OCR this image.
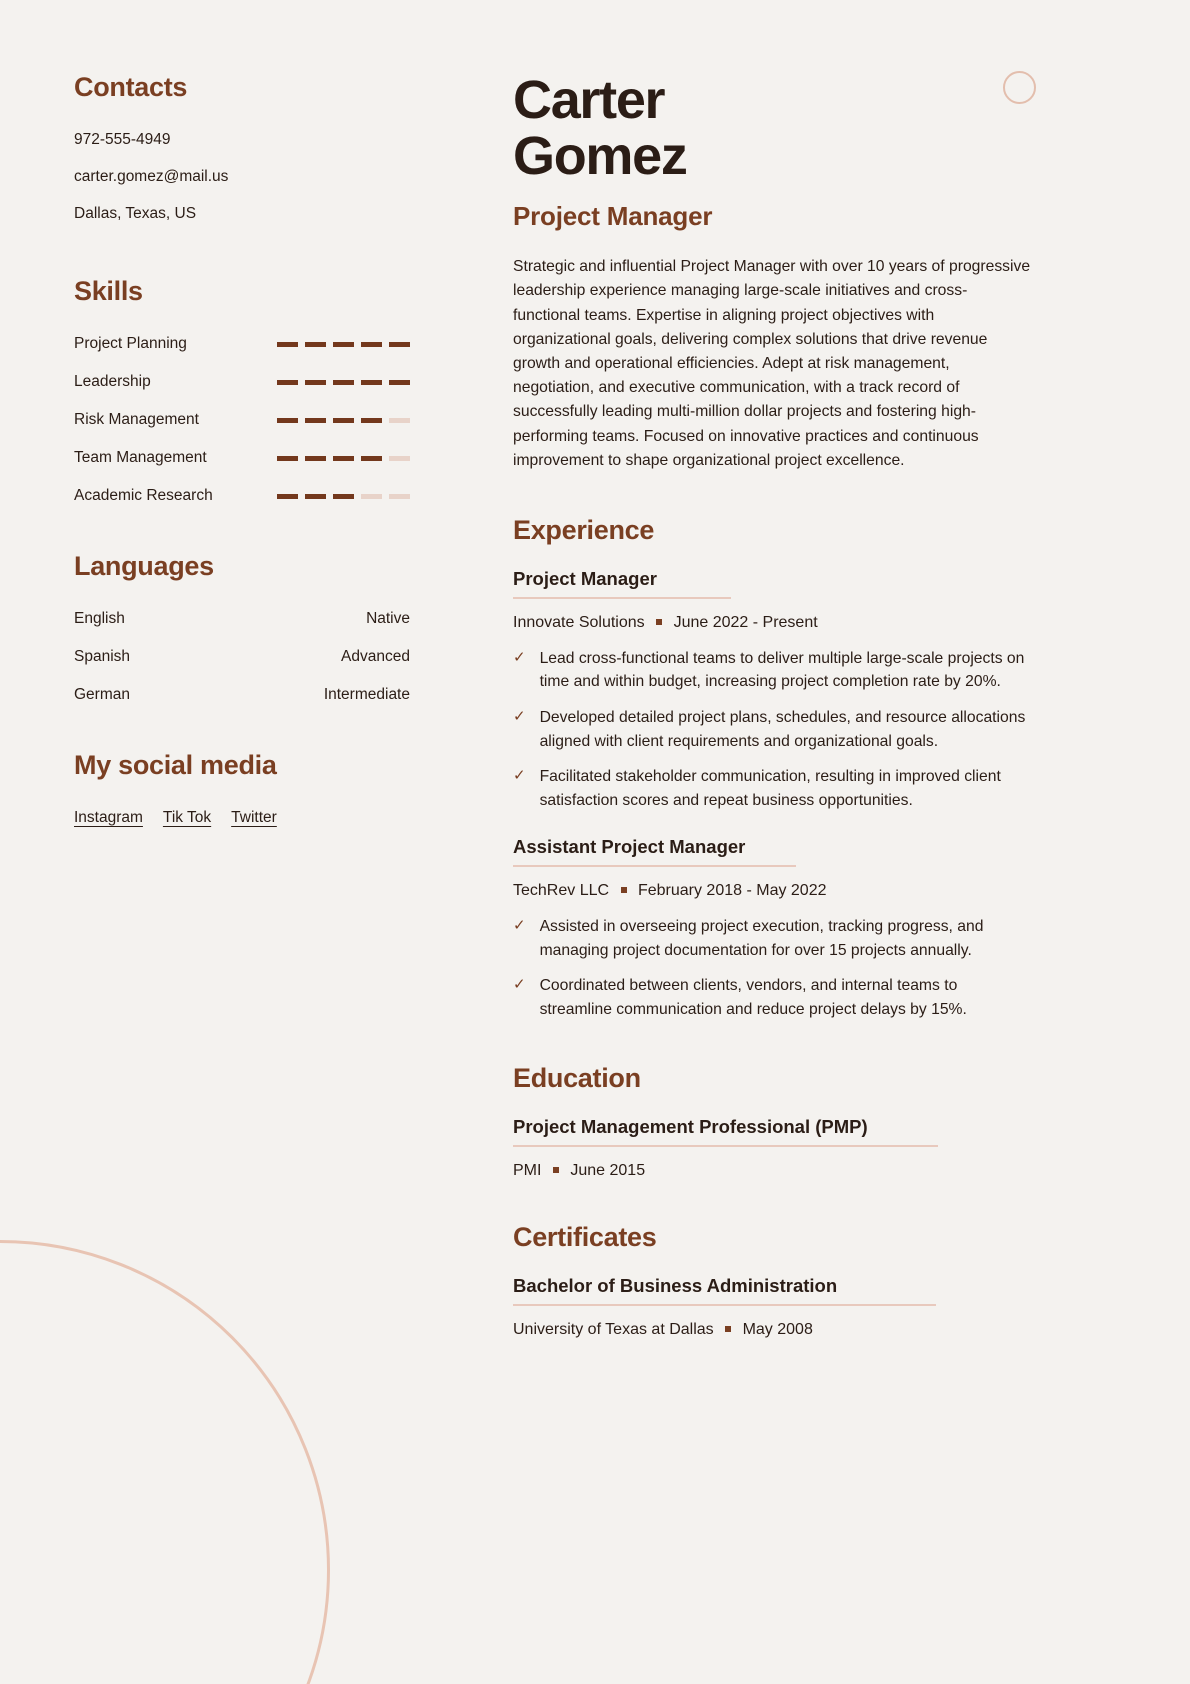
Contacts
972-555-4949
carter.gomez@mail.us
Dallas, Texas, US
Skills
Project Planning
Leadership
Risk Management
Team Management
Academic Research
Languages
English	Native
Spanish	Advanced
German	Intermediate
My social media
Instagram Tik Tok Twitter
Carter
Gomez
Project Manager
Strategic and influential Project Manager with over 10 years of progressive leadership experience managing large-scale initiatives and cross-functional teams. Expertise in aligning project objectives with organizational goals, delivering complex solutions that drive revenue growth and operational efficiencies. Adept at risk management, negotiation, and executive communication, with a track record of successfully leading multi-million dollar projects and fostering high-performing teams. Focused on innovative practices and continuous improvement to shape organizational project excellence.
Experience
Project Manager
Innovate Solutions June 2022 - Present
✓ Lead cross-functional teams to deliver multiple large-scale projects on time and within budget, increasing project completion rate by 20%.
✓ Developed detailed project plans, schedules, and resource allocations aligned with client requirements and organizational goals.
✓ Facilitated stakeholder communication, resulting in improved client satisfaction scores and repeat business opportunities.
Assistant Project Manager
TechRev LLC February 2018 - May 2022
✓ Assisted in overseeing project execution, tracking progress, and managing project documentation for over 15 projects annually.
✓ Coordinated between clients, vendors, and internal teams to streamline communication and reduce project delays by 15%.
Education
Project Management Professional (PMP)
PMI June 2015
Certificates
Bachelor of Business Administration
University of Texas at Dallas May 2008
